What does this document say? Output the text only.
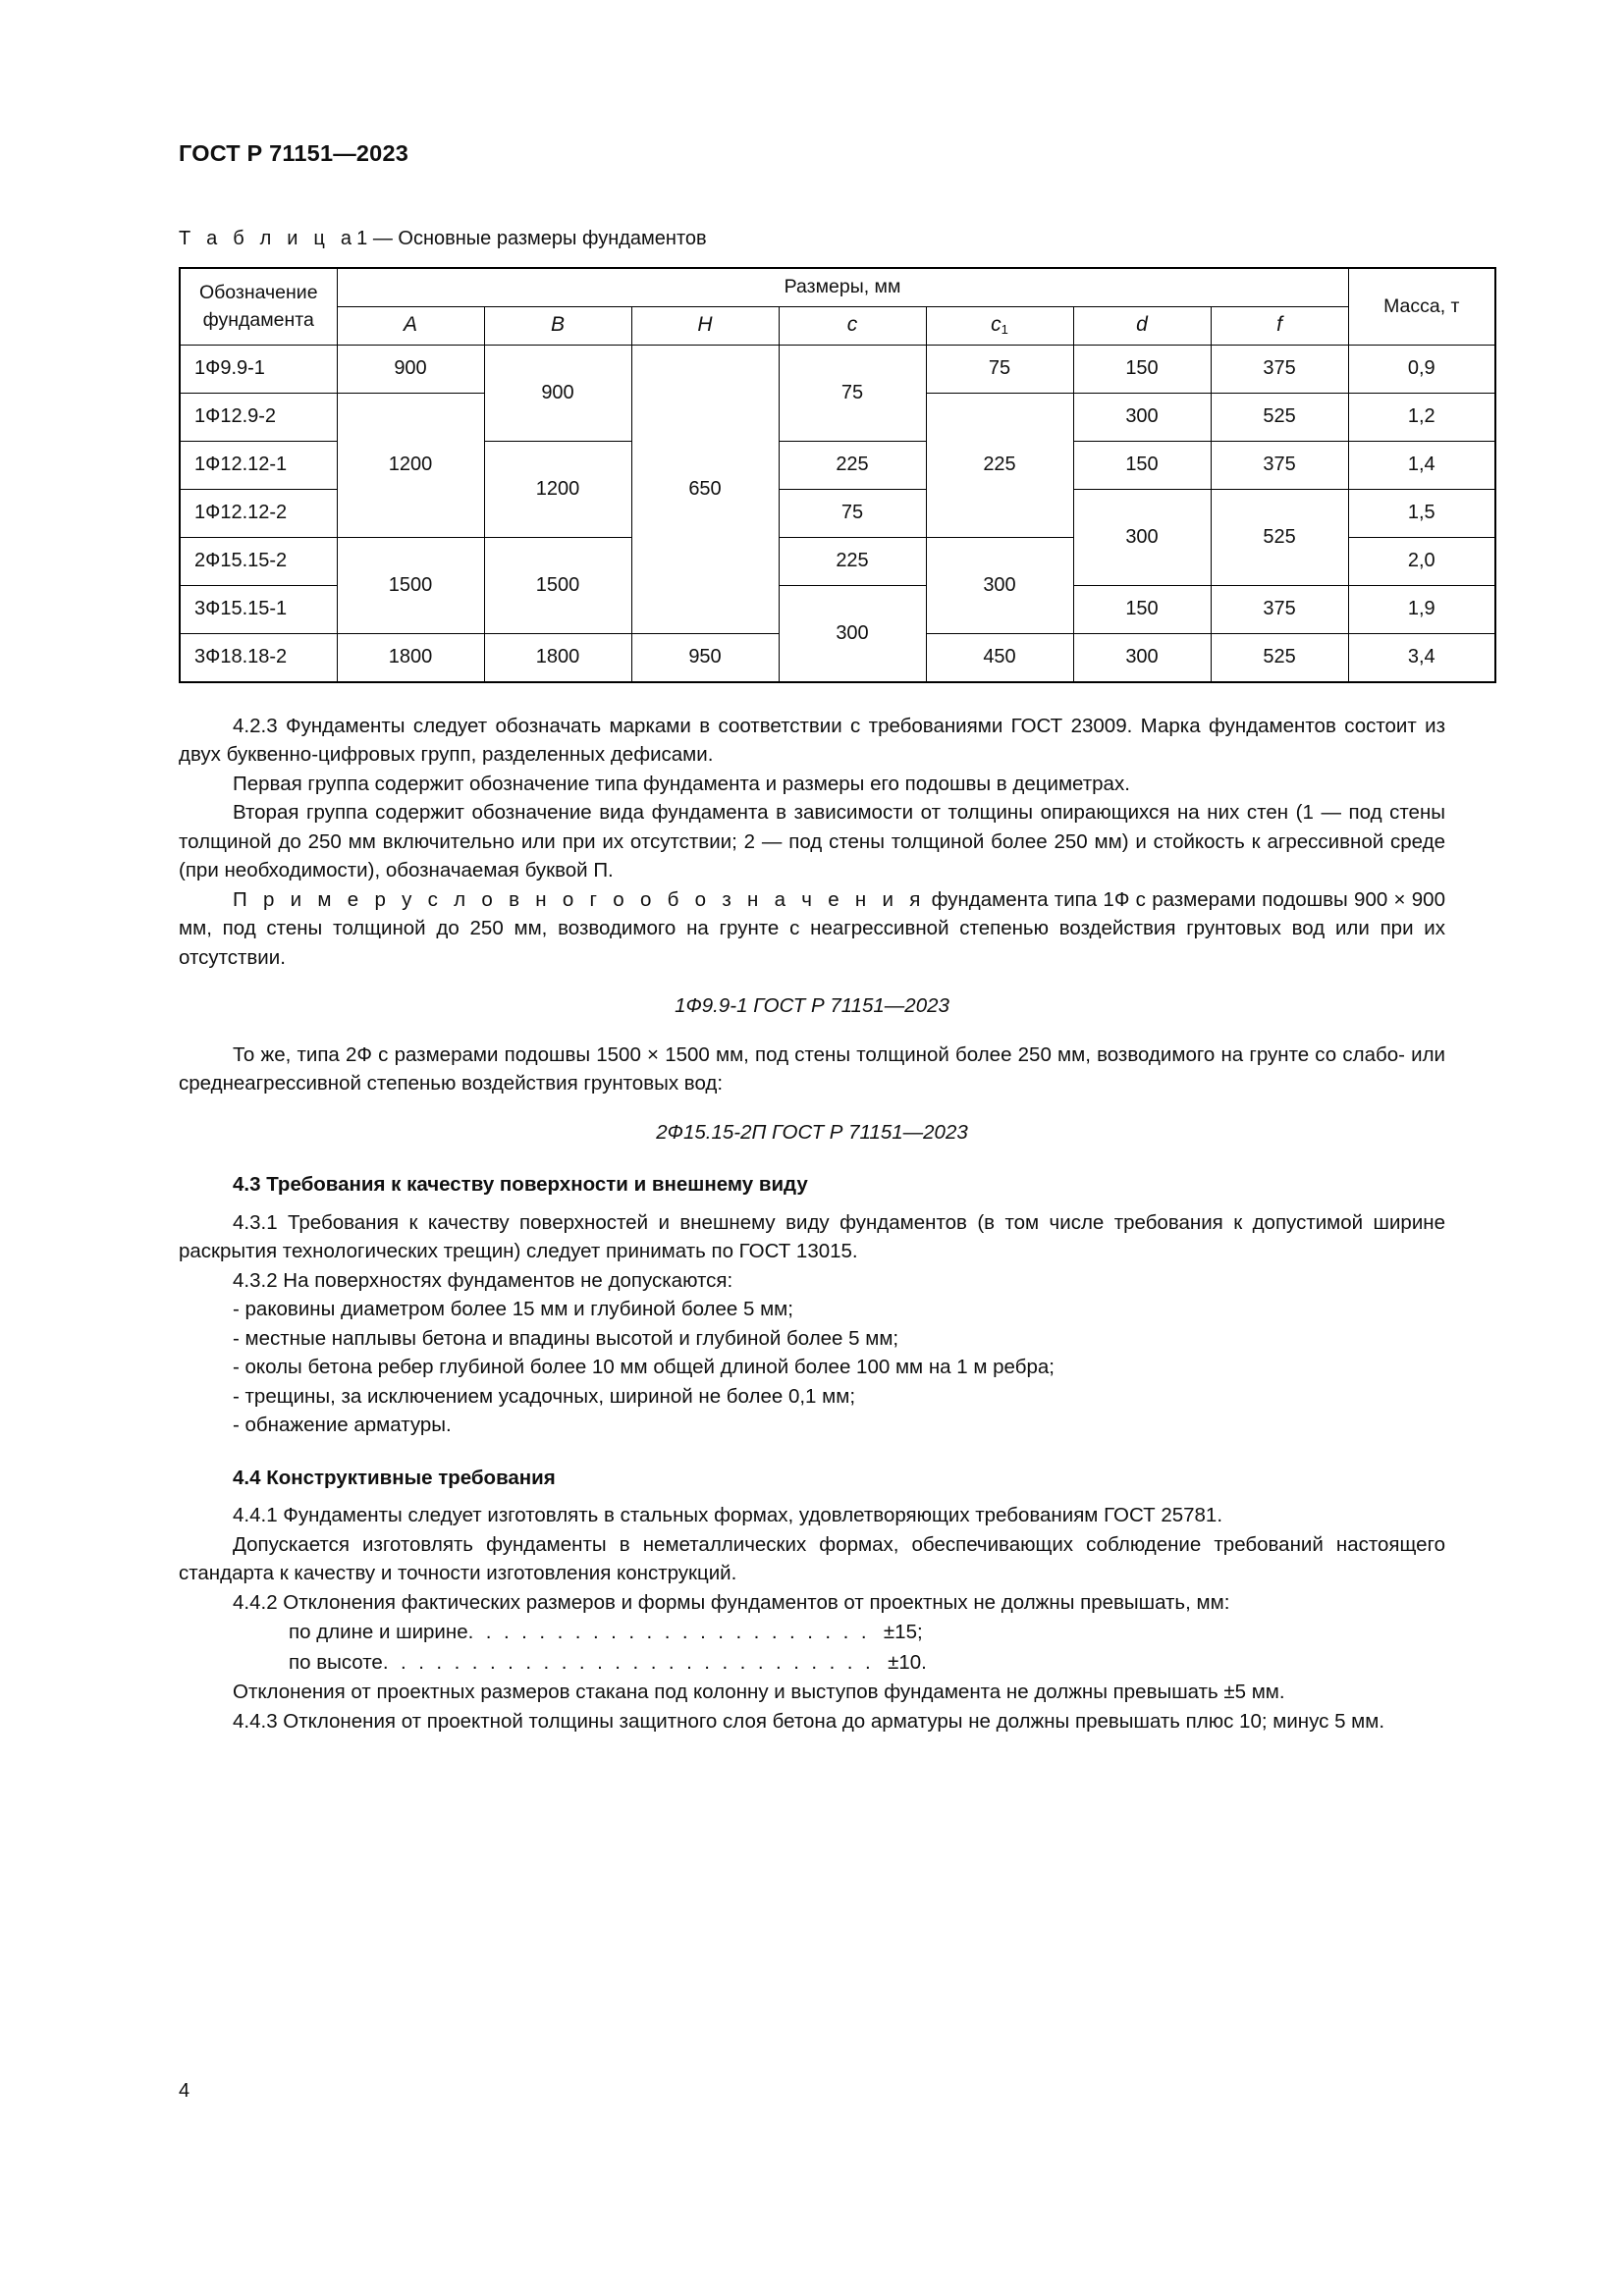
ГОСТ Р 71151—2023
Т а б л и ц а1 — Основные размеры фундаментов
Обозначение
фундамента	Размеры, мм							Масса, т
	A	B	H	c	$c_1$	d	f	
1Ф9.9-1	900	900	650	75	75	150	375	0,9
1Ф12.9-2	1200				225	300	525	1,2
1Ф12.12-1		1200		225		150	375	1,4
1Ф12.12-2				75		300	525	1,5
2Ф15.15-2	1500	1500		225	300			2,0
3Ф15.15-1				300		150	375	1,9
3Ф18.18-2	1800	1800	950		450	300	525	3,4

4.2.3 Фундаменты следует обозначать марками в соответствии с требованиями ГОСТ 23009. Марка фундаментов состоит из двух буквенно-цифровых групп, разделенных дефисами.

Первая группа содержит обозначение типа фундамента и размеры его подошвы в дециметрах.

Вторая группа содержит обозначение вида фундамента в зависимости от толщины опирающихся на них стен (1 — под стены толщиной до 250 мм включительно или при их отсутствии; 2 — под стены толщиной более 250 мм) и стойкость к агрессивной среде (при необходимости), обозначаемая буквой П.

П р и м е р у с л о в н о г о о б о з н а ч е н и я фундамента типа 1Ф с размерами подошвы 900 × 900 мм, под стены толщиной до 250 мм, возводимого на грунте с неагрессивной степенью воздействия грунтовых вод или при их отсутствии.

1Ф9.9-1 ГОСТ Р 71151—2023

То же, типа 2Ф с размерами подошвы 1500 × 1500 мм, под стены толщиной более 250 мм, возводимого на грунте со слабо- или среднеагрессивной степенью воздействия грунтовых вод:

2Ф15.15-2П ГОСТ Р 71151—2023

4.3 Требования к качеству поверхности и внешнему виду

4.3.1 Требования к качеству поверхностей и внешнему виду фундаментов (в том числе требования к допустимой ширине раскрытия технологических трещин) следует принимать по ГОСТ 13015.

4.3.2 На поверхностях фундаментов не допускаются:

- раковины диаметром более 15 мм и глубиной более 5 мм;

- местные наплывы бетона и впадины высотой и глубиной более 5 мм;

- околы бетона ребер глубиной более 10 мм общей длиной более 100 мм на 1 м ребра;

- трещины, за исключением усадочных, шириной не более 0,1 мм;

- обнажение арматуры.

4.4 Конструктивные требования

4.4.1 Фундаменты следует изготовлять в стальных формах, удовлетворяющих требованиям ГОСТ 25781.

Допускается изготовлять фундаменты в неметаллических формах, обеспечивающих соблюдение требований настоящего стандарта к качеству и точности изготовления конструкций.

4.4.2 Отклонения фактических размеров и формы фундаментов от проектных не должны превышать, мм:

по длине и ширине . . . . . . . . . . . . . . . . . . . . . . . ±15;
по высоте . . . . . . . . . . . . . . . . . . . . . . . . . . . . ±10.

Отклонения от проектных размеров стакана под колонну и выступов фундамента не должны превышать ±5 мм.

4.4.3 Отклонения от проектной толщины защитного слоя бетона до арматуры не должны превышать плюс 10; минус 5 мм.

4
